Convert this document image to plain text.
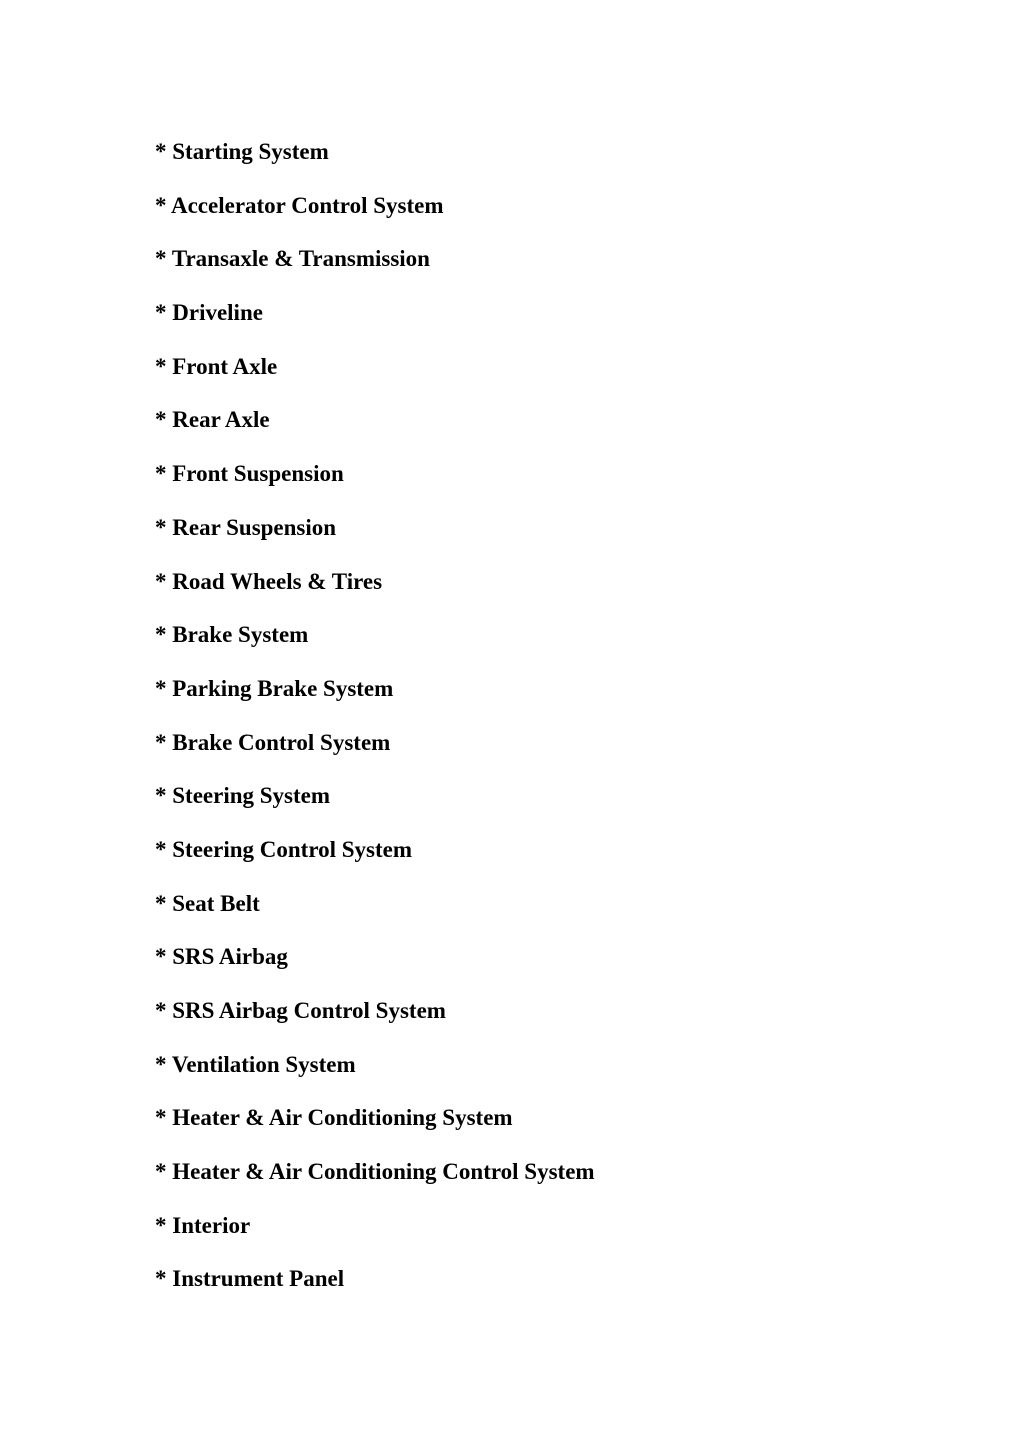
* Starting System
* Accelerator Control System
* Transaxle & Transmission
* Driveline
* Front Axle
* Rear Axle
* Front Suspension
* Rear Suspension
* Road Wheels & Tires
* Brake System
* Parking Brake System
* Brake Control System
* Steering System
* Steering Control System
* Seat Belt
* SRS Airbag
* SRS Airbag Control System
* Ventilation System
* Heater & Air Conditioning System
* Heater & Air Conditioning Control System
* Interior
* Instrument Panel
